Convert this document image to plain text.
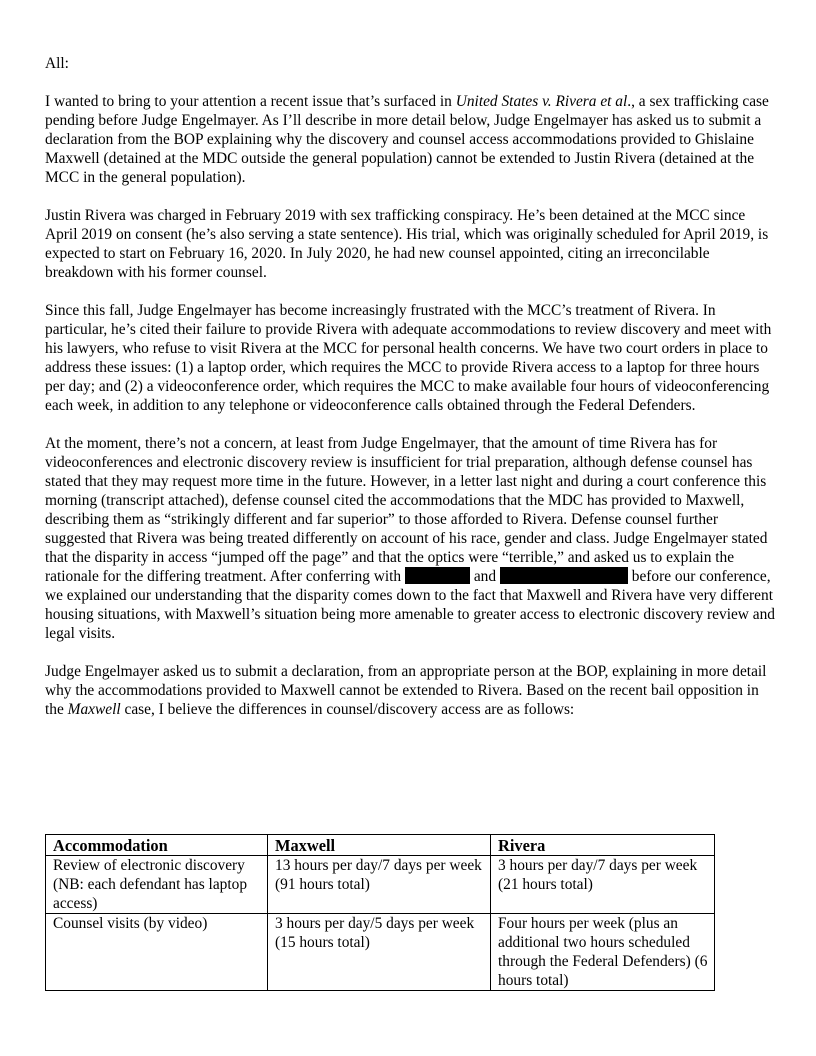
All:

I wanted to bring to your attention a recent issue that’s surfaced in United States v. Rivera et al., a sex trafficking case pending before Judge Engelmayer. As I’ll describe in more detail below, Judge Engelmayer has asked us to submit a declaration from the BOP explaining why the discovery and counsel access accommodations provided to Ghislaine Maxwell (detained at the MDC outside the general population) cannot be extended to Justin Rivera (detained at the MCC in the general population).

Justin Rivera was charged in February 2019 with sex trafficking conspiracy. He’s been detained at the MCC since April 2019 on consent (he’s also serving a state sentence). His trial, which was originally scheduled for April 2019, is expected to start on February 16, 2020. In July 2020, he had new counsel appointed, citing an irreconcilable breakdown with his former counsel.

Since this fall, Judge Engelmayer has become increasingly frustrated with the MCC’s treatment of Rivera. In particular, he’s cited their failure to provide Rivera with adequate accommodations to review discovery and meet with his lawyers, who refuse to visit Rivera at the MCC for personal health concerns. We have two court orders in place to address these issues: (1) a laptop order, which requires the MCC to provide Rivera access to a laptop for three hours per day; and (2) a videoconference order, which requires the MCC to make available four hours of videoconferencing each week, in addition to any telephone or videoconference calls obtained through the Federal Defenders.

At the moment, there’s not a concern, at least from Judge Engelmayer, that the amount of time Rivera has for videoconferences and electronic discovery review is insufficient for trial preparation, although defense counsel has stated that they may request more time in the future. However, in a letter last night and during a court conference this morning (transcript attached), defense counsel cited the accommodations that the MDC has provided to Maxwell, describing them as “strikingly different and far superior” to those afforded to Rivera. Defense counsel further suggested that Rivera was being treated differently on account of his race, gender and class. Judge Engelmayer stated that the disparity in access “jumped off the page” and that the optics were “terrible,” and asked us to explain the rationale for the differing treatment. After conferring with	and	before our conference, we explained our understanding that the disparity comes down to the fact that Maxwell and Rivera have very different housing situations, with Maxwell’s situation being more amenable to greater access to electronic discovery review and legal visits.

Judge Engelmayer asked us to submit a declaration, from an appropriate person at the BOP, explaining in more detail why the accommodations provided to Maxwell cannot be extended to Rivera. Based on the recent bail opposition in the Maxwell case, I believe the differences in counsel/discovery access are as follows:

Accommodation	Maxwell	Rivera
Review of electronic discovery (NB: each defendant has laptop access)	13 hours per day/7 days per week (91 hours total)	3 hours per day/7 days per week (21 hours total)
Counsel visits (by video)	3 hours per day/5 days per week (15 hours total)	Four hours per week (plus an additional two hours scheduled through the Federal Defenders) (6 hours total)
